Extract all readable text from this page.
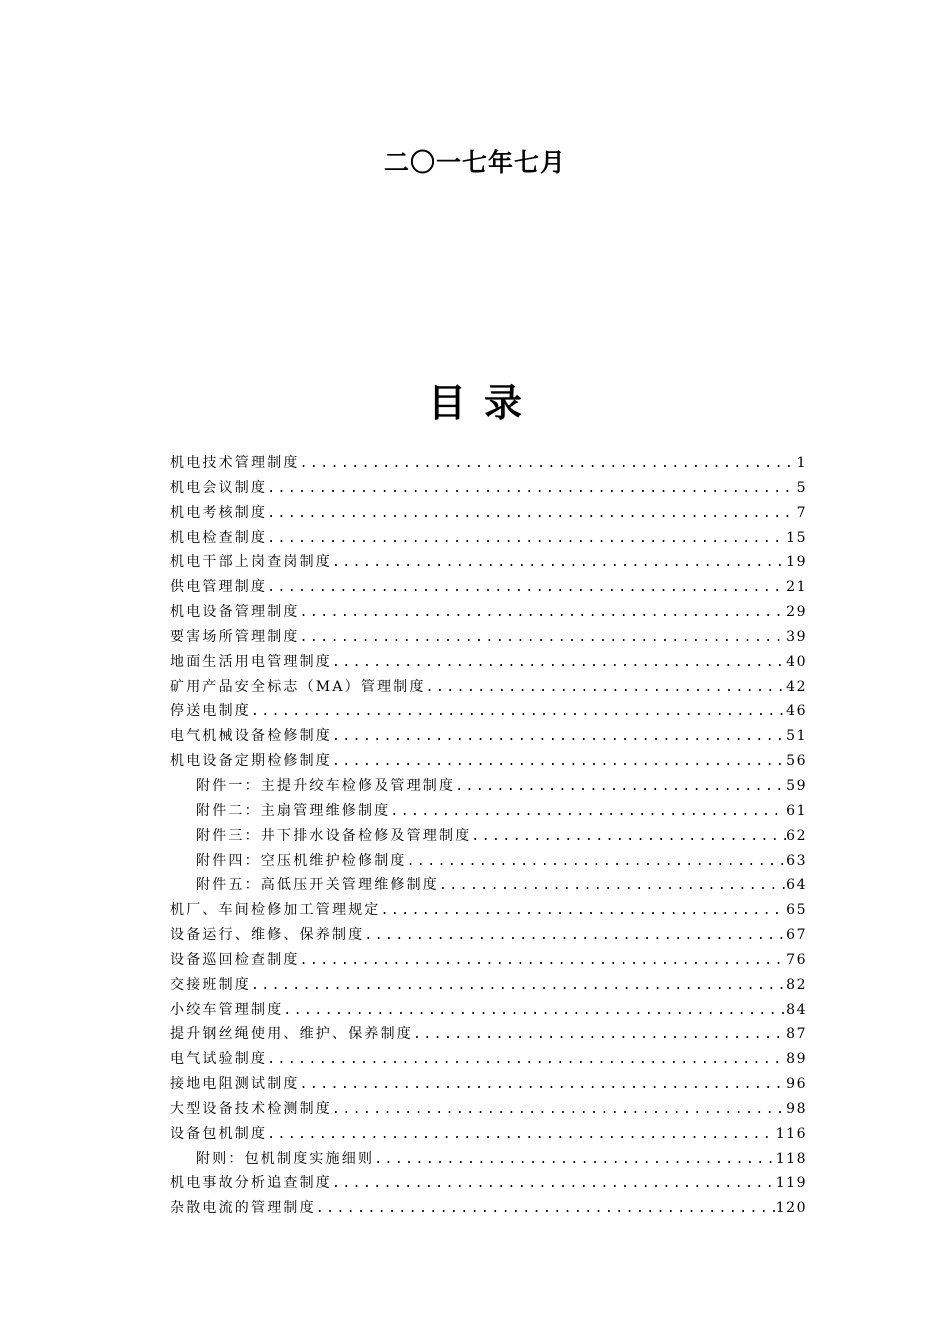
二〇一七年七月
目录
机电技术管理制度 .....	1
机电会议制度 .....	5
机电考核制度 .....	7
机电检查制度 .....	15
机电干部上岗查岗制度 .....	19
供电管理制度 .....	21
机电设备管理制度 .....	29
要害场所管理制度 .....	39
地面生活用电管理制度 .....	40
矿用产品安全标志（MA）管理制度 .....	42
停送电制度 .....	46
电气机械设备检修制度 .....	51
机电设备定期检修制度 .....	56
附件一：主提升绞车检修及管理制度 .....	59
附件二：主扇管理维修制度 .....	61
附件三：井下排水设备检修及管理制度 .....	62
附件四：空压机维护检修制度 .....	63
附件五：高低压开关管理维修制度 .....	64
机厂、车间检修加工管理规定 .....	65
设备运行、维修、保养制度 .....	67
设备巡回检查制度 .....	76
交接班制度 .....	82
小绞车管理制度 .....	84
提升钢丝绳使用、维护、保养制度 .....	87
电气试验制度 .....	89
接地电阻测试制度 .....	96
大型设备技术检测制度 .....	98
设备包机制度 .....	116
附则：包机制度实施细则 .....	118
机电事故分析追查制度 .....	119
杂散电流的管理制度 .....	120
